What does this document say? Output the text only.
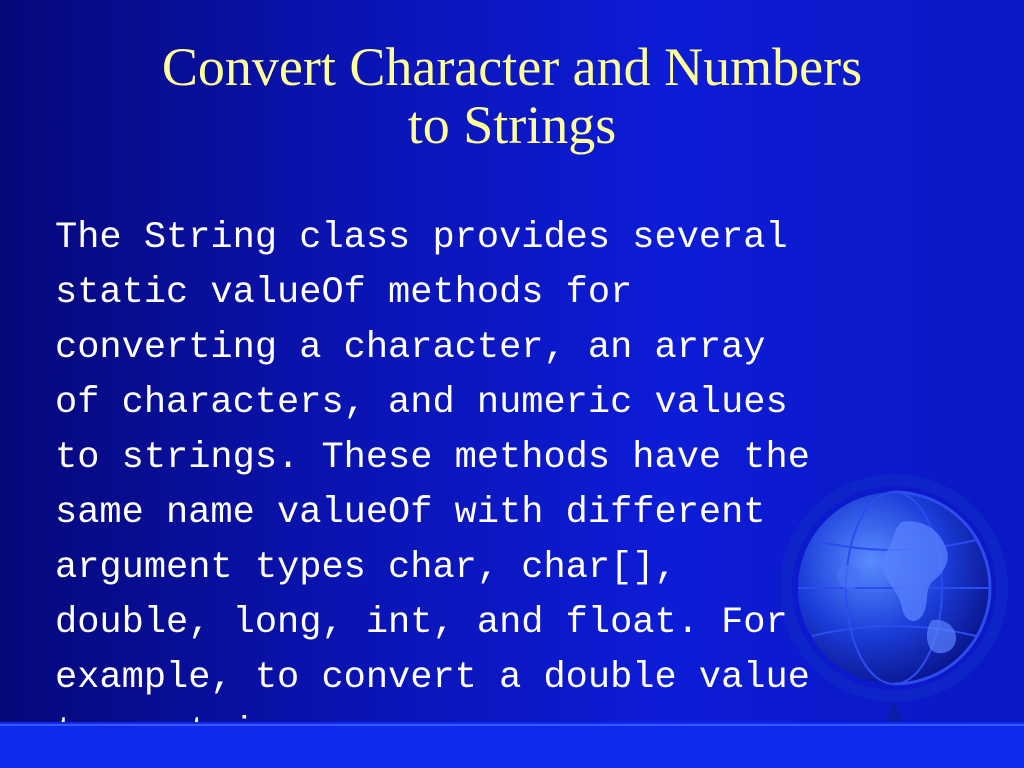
Convert Character and Numbers
to Strings

The String class provides several
static valueOf methods for
converting a character, an array
of characters, and numeric values
to strings. These methods have the
same name valueOf with different
argument types char, char[],
double, long, int, and float. For
example, to convert a double value
